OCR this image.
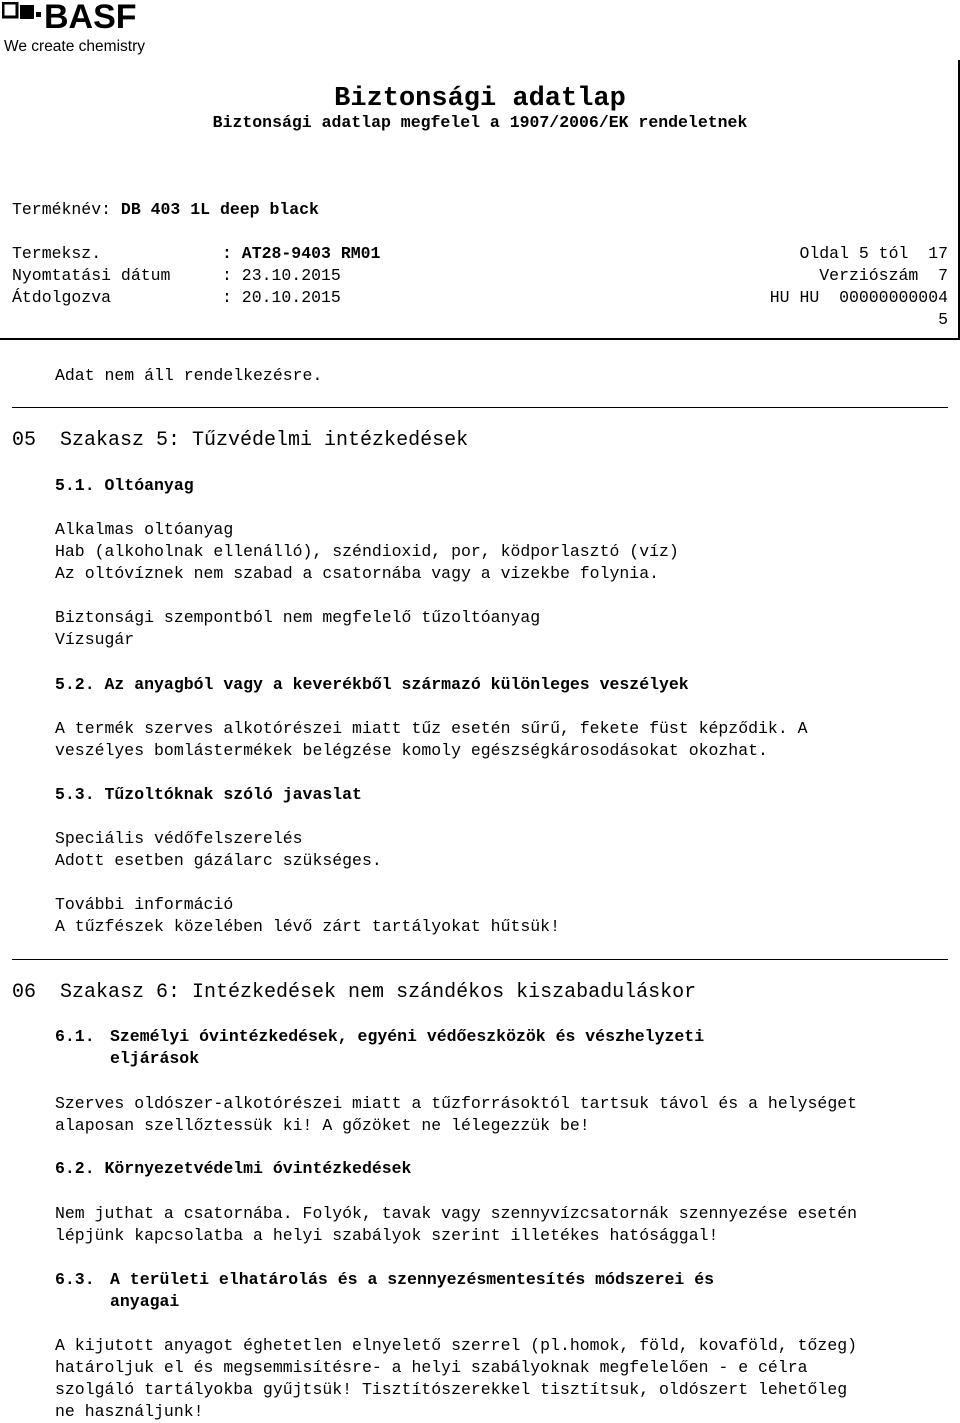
BASF
We create chemistry
Biztonsági adatlap
Biztonsági adatlap megfelel a 1907/2006/EK rendeletnek
Terméknév: DB 403 1L deep black
Termeksz.	: AT28-9403 RM01	Oldal 5 tól  17
Nyomtatási dátum	: 23.10.2015	Verziószám  7
Átdolgozva	: 20.10.2015	HU HU  00000000004
5
Adat nem áll rendelkezésre.
05  Szakasz 5: Tűzvédelmi intézkedések
5.1. Oltóanyag
Alkalmas oltóanyag
Hab (alkoholnak ellenálló), széndioxid, por, ködporlasztó (víz)
Az oltóvíznek nem szabad a csatornába vagy a vizekbe folynia.
Biztonsági szempontból nem megfelelő tűzoltóanyag
Vízsugár
5.2. Az anyagból vagy a keverékből származó különleges veszélyek
A termék szerves alkotórészei miatt tűz esetén sűrű, fekete füst képződik. A
veszélyes bomlástermékek belégzése komoly egészségkárosodásokat okozhat.
5.3. Tűzoltóknak szóló javaslat
Speciális védőfelszerelés
Adott esetben gázálarc szükséges.
További információ
A tűzfészek közelében lévő zárt tartályokat hűtsük!
06  Szakasz 6: Intézkedések nem szándékos kiszabaduláskor
6.1. Személyi óvintézkedések, egyéni védőeszközök és vészhelyzeti
eljárások
Szerves oldószer-alkotórészei miatt a tűzforrásoktól tartsuk távol és a helységet
alaposan szellőztessük ki! A gőzöket ne lélegezzük be!
6.2. Környezetvédelmi óvintézkedések
Nem juthat a csatornába. Folyók, tavak vagy szennyvízcsatornák szennyezése esetén
lépjünk kapcsolatba a helyi szabályok szerint illetékes hatósággal!
6.3. A területi elhatárolás és a szennyezésmentesítés módszerei és
anyagai
A kijutott anyagot éghetetlen elnyelető szerrel (pl.homok, föld, kovaföld, tőzeg)
határoljuk el és megsemmisítésre- a helyi szabályoknak megfelelően - e célra
szolgáló tartályokba gyűjtsük! Tisztítószerekkel tisztítsuk, oldószert lehetőleg
ne használjunk!
